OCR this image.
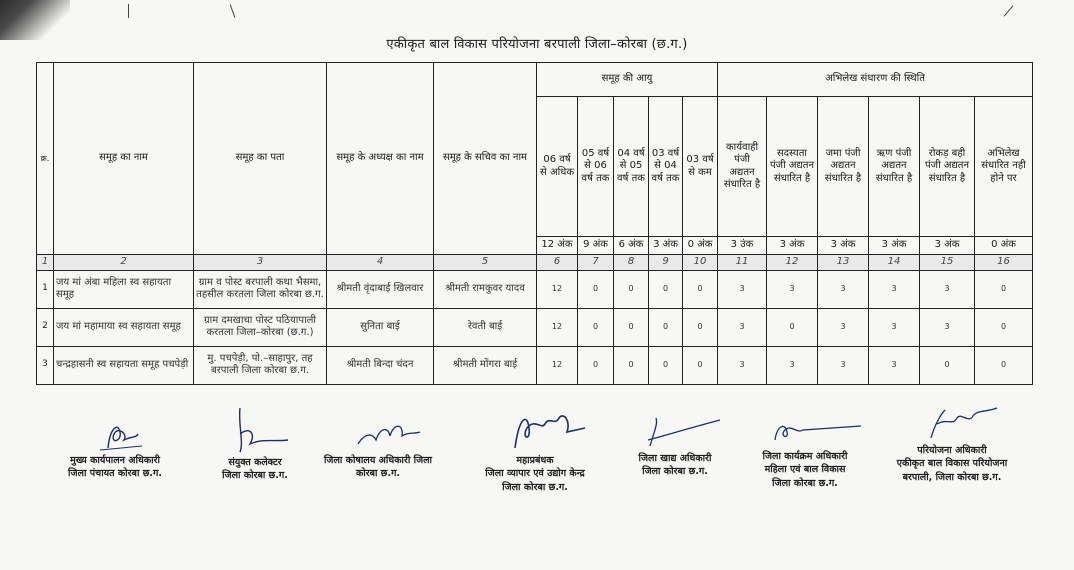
एकीकृत बाल विकास परियोजना बरपाली जिला–कोरबा (छ.ग.)
क्र.	समूह का नाम	समूह का पता	समूह के अध्यक्ष का नाम	समूह के सचिव का नाम	समूह की आयु					अभिलेख संधारण की स्थिति					
					06 वर्ष से अधिक	05 वर्ष से 06 वर्ष तक	04 वर्ष से 05 वर्ष तक	03 वर्ष से 04 वर्ष तक	03 वर्ष से कम	कार्यवाही पंजी अद्यतन संधारित है	सदस्यता पंजी अद्यतन संधारित है	जमा पंजी अद्यतन संधारित है	ऋण पंजी अद्यतन संधारित है	रोकड़ बही पंजी अद्यतन संधारित है	अभिलेख संधारित नही होने पर
					12 अंक	9 अंक	6 अंक	3 अंक	0 अंक	3 उंक	3 अंक	3 अंक	3 अंक	3 अंक	0 अंक
1	2	3	4	5	6	7	8	9	10	11	12	13	14	15	16
1	जय मां अंबा महिला स्व सहायता समूह	ग्राम व पोस्ट बरपाली कथा भैसमा, तहसील करतला जिला कोरबा छ.ग.	श्रीमती वृंदाबाई खिलवार	श्रीमती रामकुवर यादव	12	0	0	0	0	3	3	3	3	3	0
2	जय मां महामाया स्व सहायता समूह	ग्राम दमखाचा पोस्ट पठियापाली करतला जिला–कोरबा (छ.ग.)	सुनिता बाई	रेवती बाई	12	0	0	0	0	3	0	3	3	3	0
3	चन्द्रहासनी स्व सहायता समूह पचपेड़ी	मु. पचपेड़ी, पो.–साहापुर, तह बरपाली जिला कोरबा छ.ग.	श्रीमती बिन्दा चंदन	श्रीमती मोंगरा बाई	12	0	0	0	0	3	3	3	3	0	0
मुख्य कार्यपालन अधिकारी
जिला पंचायत कोरबा छ.ग.
संयुक्त कलेक्टर
जिला कोरबा छ.ग.
जिला कोषालय अधिकारी जिला
कोरबा छ.ग.
महाप्रबंधक
जिला व्यापार एवं उद्योग केन्द्र
जिला कोरबा छ.ग.
जिला खाद्य अधिकारी
जिला कोरबा छ.ग.
जिला कार्यक्रम अधिकारी
महिला एवं बाल विकास
जिला कोरबा छ.ग.
परियोजना अधिकारी
एकीकृत बाल विकास परियोजना
बरपाली, जिला कोरबा छ.ग.
